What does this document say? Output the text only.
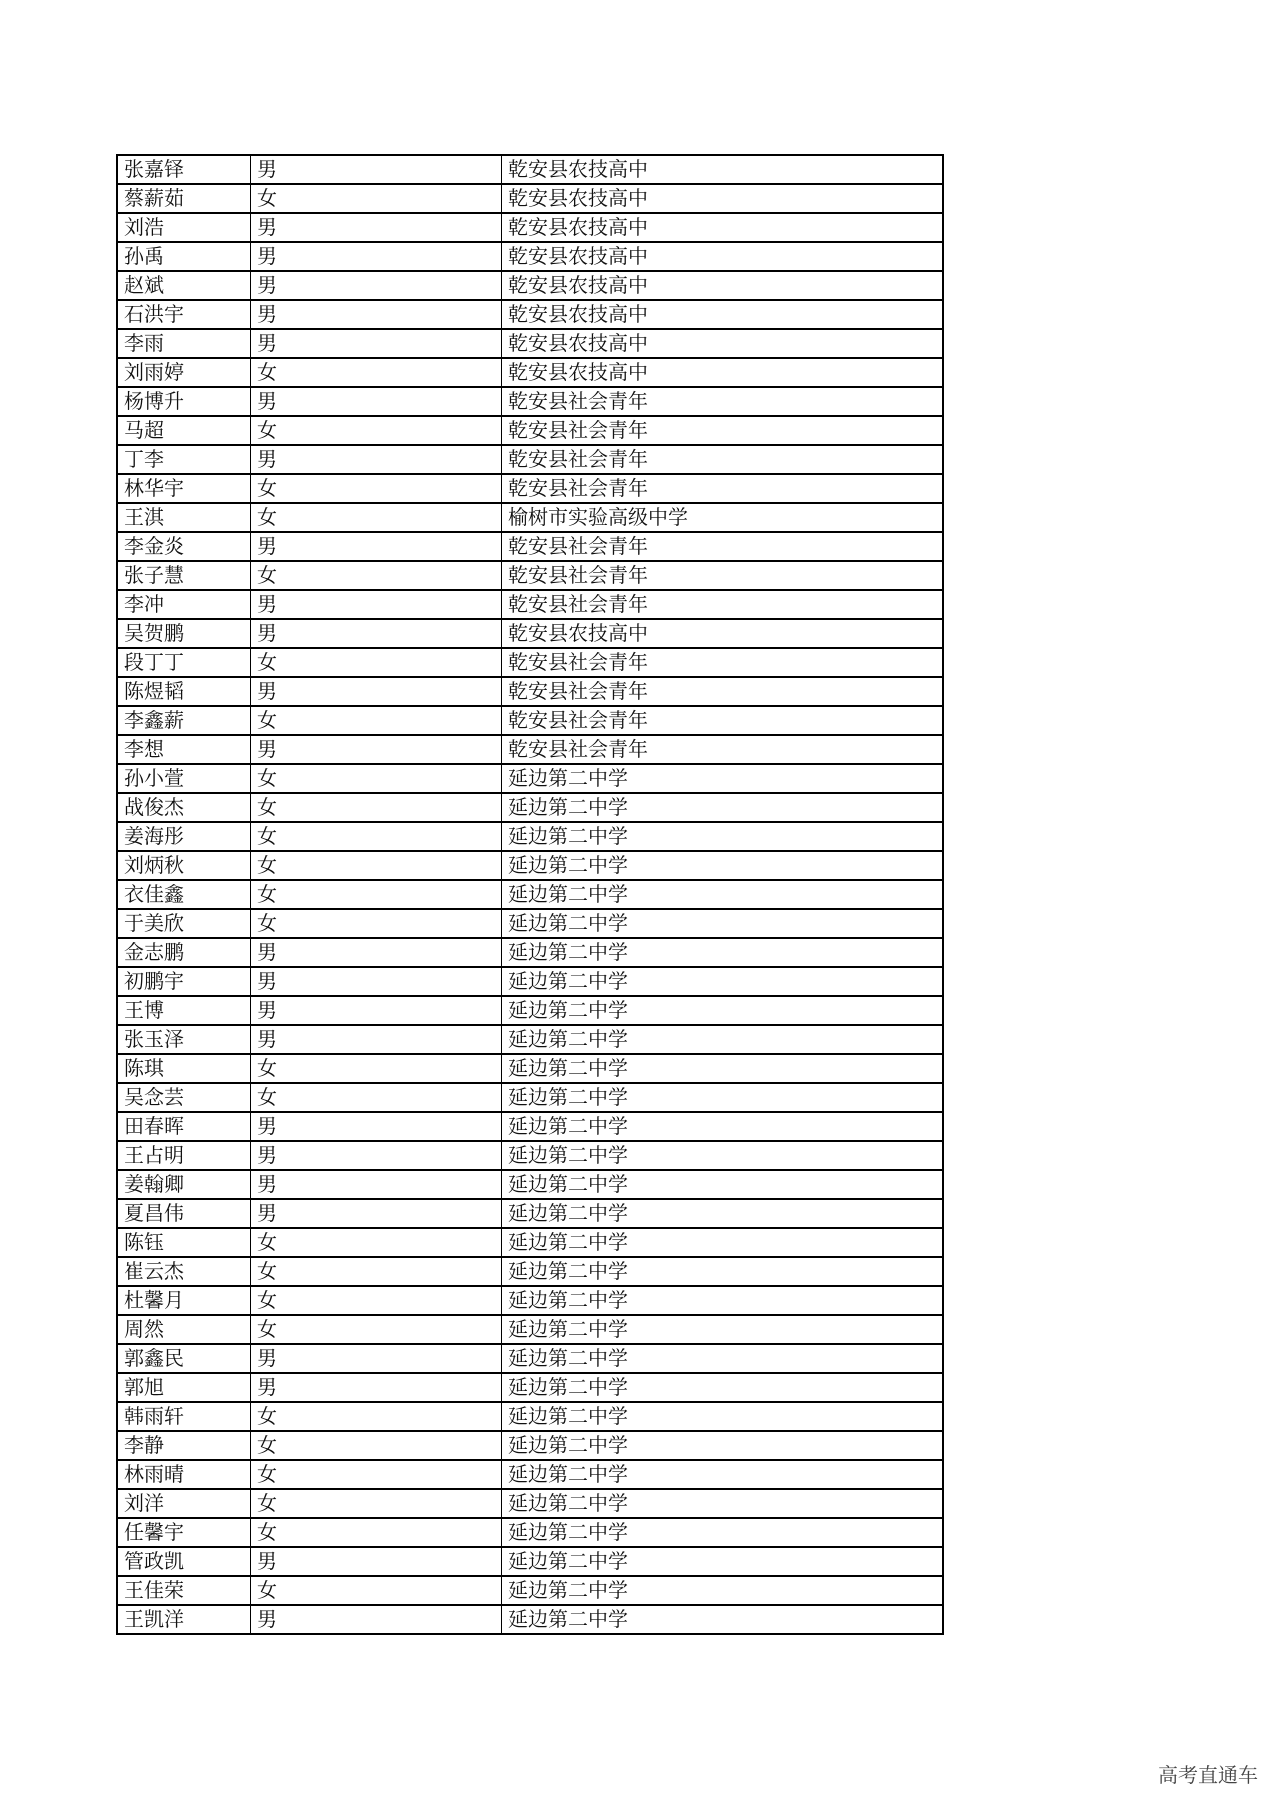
张嘉铎	男	乾安县农技高中
蔡薪茹	女	乾安县农技高中
刘浩	男	乾安县农技高中
孙禹	男	乾安县农技高中
赵斌	男	乾安县农技高中
石洪宇	男	乾安县农技高中
李雨	男	乾安县农技高中
刘雨婷	女	乾安县农技高中
杨博升	男	乾安县社会青年
马超	女	乾安县社会青年
丁李	男	乾安县社会青年
林华宇	女	乾安县社会青年
王淇	女	榆树市实验高级中学
李金炎	男	乾安县社会青年
张子慧	女	乾安县社会青年
李冲	男	乾安县社会青年
吴贺鹏	男	乾安县农技高中
段丁丁	女	乾安县社会青年
陈煜韬	男	乾安县社会青年
李鑫薪	女	乾安县社会青年
李想	男	乾安县社会青年
孙小萱	女	延边第二中学
战俊杰	女	延边第二中学
姜海彤	女	延边第二中学
刘炳秋	女	延边第二中学
衣佳鑫	女	延边第二中学
于美欣	女	延边第二中学
金志鹏	男	延边第二中学
初鹏宇	男	延边第二中学
王博	男	延边第二中学
张玉泽	男	延边第二中学
陈琪	女	延边第二中学
吴念芸	女	延边第二中学
田春晖	男	延边第二中学
王占明	男	延边第二中学
姜翰卿	男	延边第二中学
夏昌伟	男	延边第二中学
陈钰	女	延边第二中学
崔云杰	女	延边第二中学
杜馨月	女	延边第二中学
周然	女	延边第二中学
郭鑫民	男	延边第二中学
郭旭	男	延边第二中学
韩雨轩	女	延边第二中学
李静	女	延边第二中学
林雨晴	女	延边第二中学
刘洋	女	延边第二中学
任馨宇	女	延边第二中学
管政凯	男	延边第二中学
王佳荣	女	延边第二中学
王凯洋	男	延边第二中学
高考直通车
